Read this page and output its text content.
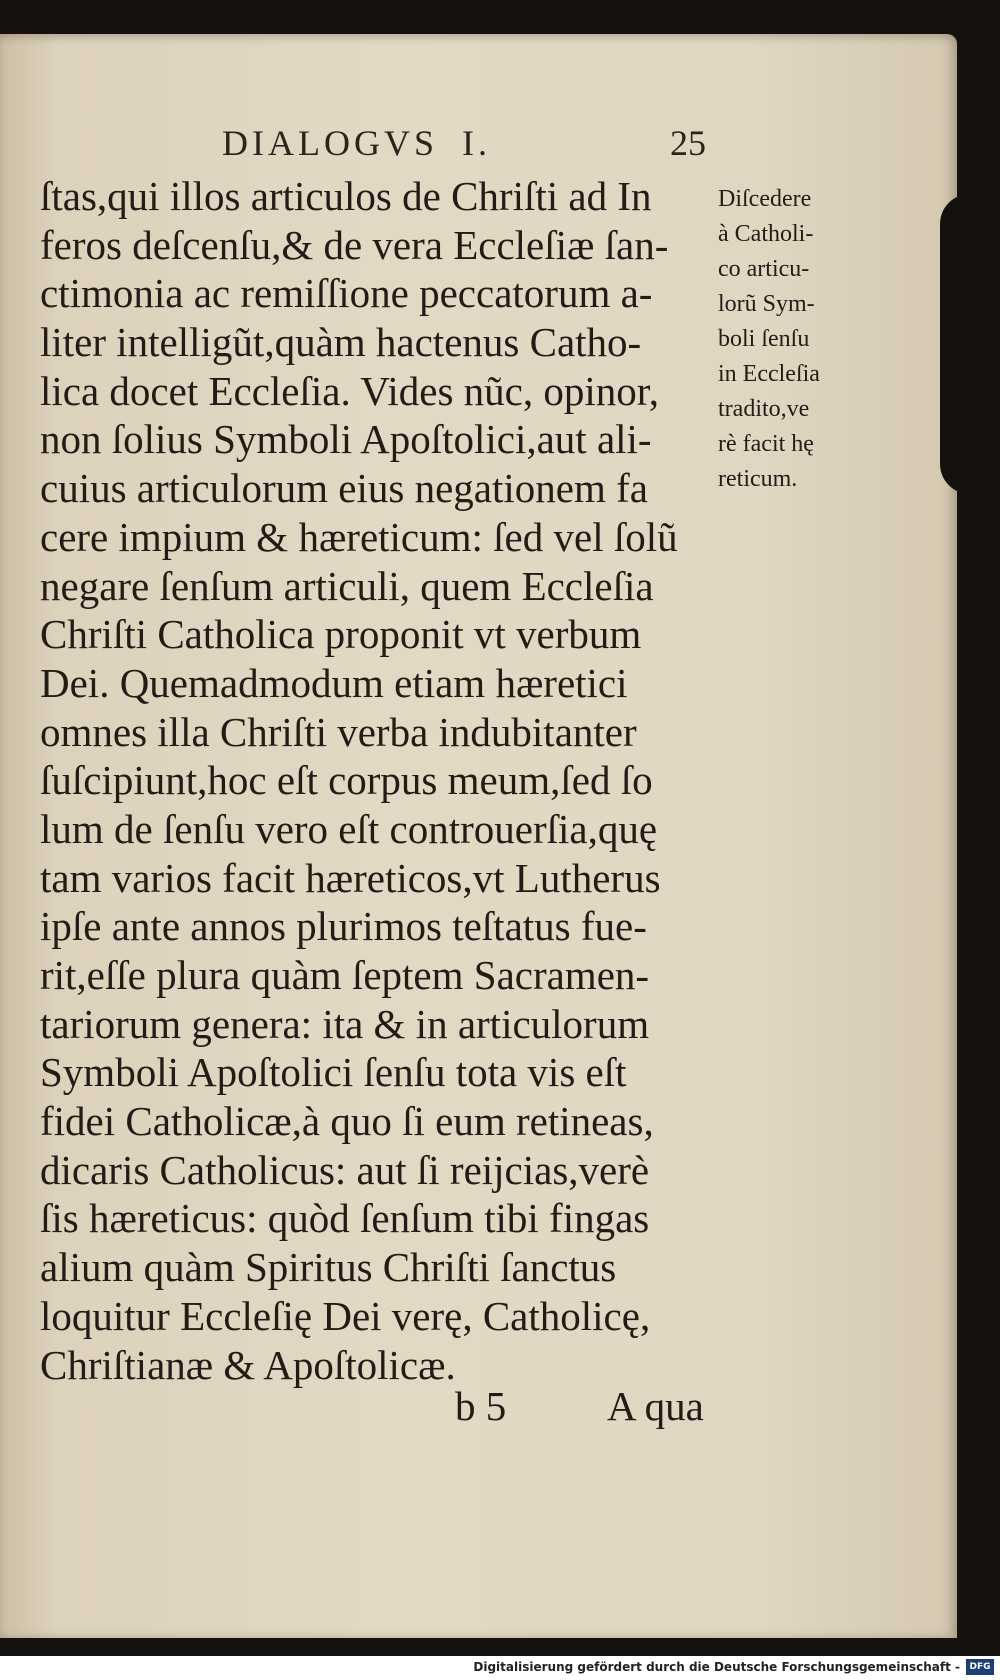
DIALOGVS I.	25
ſtas,qui illos articulos de Chriſti ad In
feros deſcenſu,& de vera Eccleſiæ ſan-
ctimonia ac remiſſione peccatorum a-
liter intelligũt,quàm hactenus Catho-
lica docet Eccleſia. Vides nũc, opinor,
non ſolius Symboli Apoſtolici,aut ali-
cuius articulorum eius negationem fa
cere impium & hæreticum: ſed vel ſolũ
negare ſenſum articuli, quem Eccleſia
Chriſti Catholica proponit vt verbum
Dei. Quemadmodum etiam hæretici
omnes illa Chriſti verba indubitanter
ſuſcipiunt,hoc eſt corpus meum,ſed ſo
lum de ſenſu vero eſt controuerſia,quę
tam varios facit hæreticos,vt Lutherus
ipſe ante annos plurimos teſtatus fue-
rit,eſſe plura quàm ſeptem Sacramen-
tariorum genera: ita & in articulorum
Symboli Apoſtolici ſenſu tota vis eſt
fidei Catholicæ,à quo ſi eum retineas,
dicaris Catholicus: aut ſi reijcias,verè
ſis hæreticus: quòd ſenſum tibi fingas
alium quàm Spiritus Chriſti ſanctus
loquitur Eccleſię Dei verę, Catholicę,
Chriſtianæ & Apoſtolicæ.
Diſcedere
à Catholi-
co articu-
lorũ Sym-
boli ſenſu
in Eccleſia
tradito,ve
rè facit hę
reticum.
b 5 A qua
Digitalisierung gefördert durch die Deutsche Forschungsgemeinschaft -	DFG
